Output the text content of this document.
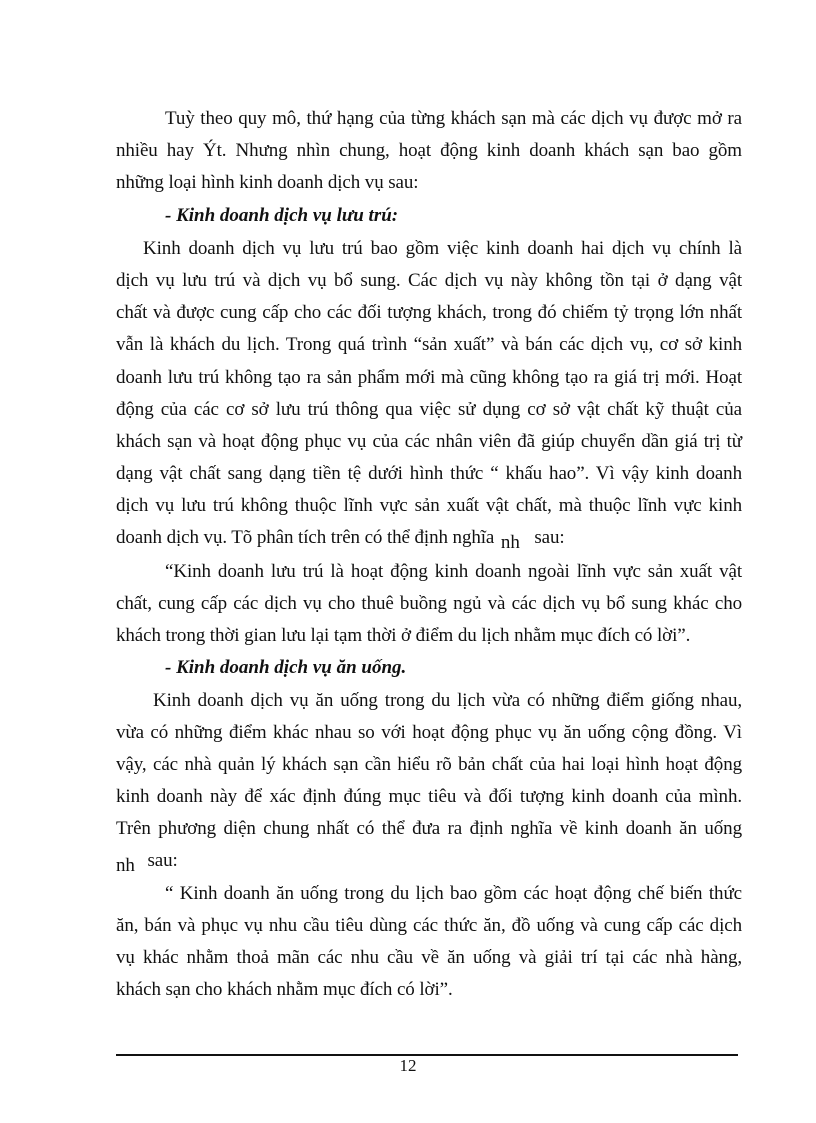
Tuỳ theo quy mô, thứ hạng của từng khách sạn mà các dịch vụ được mở ra
nhiều hay Ýt. Nhưng nhìn chung, hoạt động kinh doanh khách sạn bao gồm
những loại hình kinh doanh dịch vụ sau:
- Kinh doanh dịch vụ lưu trú:
Kinh doanh dịch vụ lưu trú bao gồm việc kinh doanh hai dịch vụ chính là
dịch vụ lưu trú và dịch vụ bổ sung. Các dịch vụ này không tồn tại ở dạng vật
chất và được cung cấp cho các đối tượng khách, trong đó chiếm tỷ trọng lớn nhất
vẫn là khách du lịch. Trong quá trình “sản xuất” và bán các dịch vụ, cơ sở kinh
doanh lưu trú không tạo ra sản phẩm mới mà cũng không tạo ra giá trị mới. Hoạt
động của các cơ sở lưu trú thông qua việc sử dụng cơ sở vật chất kỹ thuật của
khách sạn và hoạt động phục vụ của các nhân viên đã giúp chuyển dần giá trị từ
dạng vật chất sang dạng tiền tệ dưới hình thức “ khấu hao”. Vì vậy kinh doanh
dịch vụ lưu trú không thuộc lĩnh vực sản xuất vật chất, mà thuộc lĩnh vực kinh
doanh dịch vụ. Tõ phân tích trên có thể định nghĩa nh sau:
“Kinh doanh lưu trú là hoạt động kinh doanh ngoài lĩnh vực sản xuất vật
chất, cung cấp các dịch vụ cho thuê buồng ngủ và các dịch vụ bổ sung khác cho
khách trong thời gian lưu lại tạm thời ở điểm du lịch nhằm mục đích có lời”.
- Kinh doanh dịch vụ ăn uống.
Kinh doanh dịch vụ ăn uống trong du lịch vừa có những điểm giống nhau,
vừa có những điểm khác nhau so với hoạt động phục vụ ăn uống cộng đồng. Vì
vậy, các nhà quản lý khách sạn cần hiểu rõ bản chất của hai loại hình hoạt động
kinh doanh này để xác định đúng mục tiêu và đối tượng kinh doanh của mình.
Trên phương diện chung nhất có thể đưa ra định nghĩa về kinh doanh ăn uống
nh sau:
“ Kinh doanh ăn uống trong du lịch bao gồm các hoạt động chế biến thức
ăn, bán và phục vụ nhu cầu tiêu dùng các thức ăn, đồ uống và cung cấp các dịch
vụ khác nhằm thoả mãn các nhu cầu về ăn uống và giải trí tại các nhà hàng,
khách sạn cho khách nhằm mục đích có lời”.
12
